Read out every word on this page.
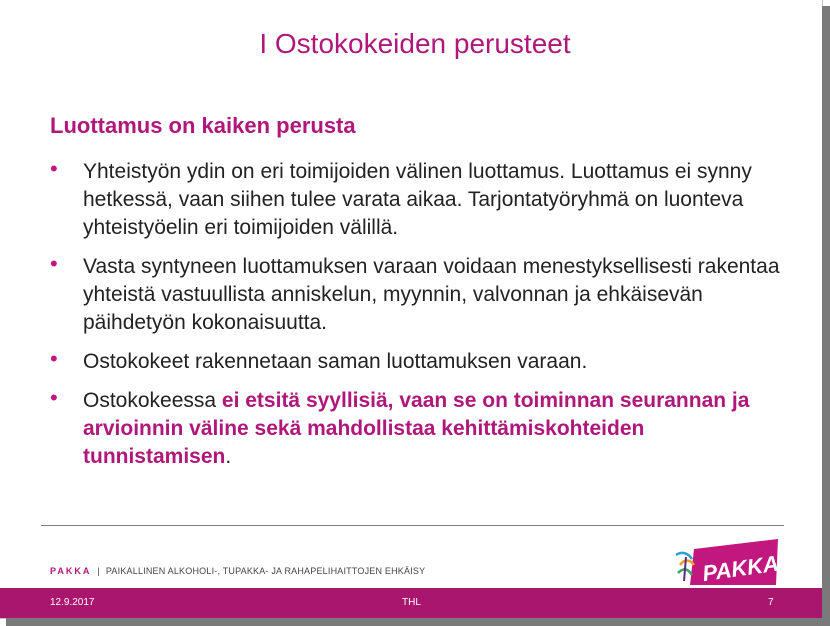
I Ostokokeiden perusteet
Luottamus on kaiken perusta
• Yhteistyön ydin on eri toimijoiden välinen luottamus. Luottamus ei synny hetkessä, vaan siihen tulee varata aikaa. Tarjontatyöryhmä on luonteva yhteistyöelin eri toimijoiden välillä.
• Vasta syntyneen luottamuksen varaan voidaan menestyksellisesti rakentaa yhteistä vastuullista anniskelun, myynnin, valvonnan ja ehkäisevän päihdetyön kokonaisuutta.
• Ostokokeet rakennetaan saman luottamuksen varaan.
• Ostokokeessa ei etsitä syyllisiä, vaan se on toiminnan seurannan ja arvioinnin väline sekä mahdollistaa kehittämiskohteiden tunnistamisen.
PAKKA | PAIKALLINEN ALKOHOLI-, TUPAKKA- JA RAHAPELIHAITTOJEN EHKÄISY	PAKKA
12.9.2017	THL	7
